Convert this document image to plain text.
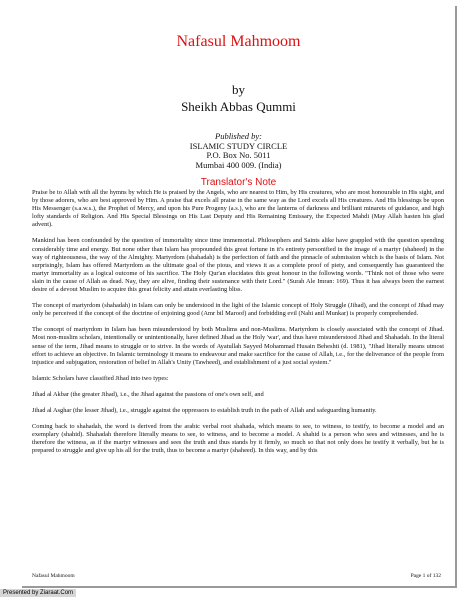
Nafasul Mahmoom
by
Sheikh Abbas Qummi
Published by:
ISLAMIC STUDY CIRCLE
P.O. Box No. 5011
Mumbai 400 009. (India)
Translator's Note

Praise be to Allah with all the hymns by which He is praised by the Angels, who are nearest to Him, by His creatures, who are most honourable in His sight, and by those adorers, who are best approved by Him. A praise that excels all praise in the same way as the Lord excels all His creatures. And His blessings be upon His Messenger (s.a.w.s.), the Prophet of Mercy, and upon his Pure Progeny (a.s.), who are the lanterns of darkness and brilliant minarets of guidance, and high lofty standards of Religion. And His Special Blessings on His Last Deputy and His Remaining Emissary, the Expected Mahdi (May Allah hasten his glad advent).

Mankind has been confounded by the question of immortality since time immemorial. Philosophers and Saints alike have grappled with the question spending considerably time and energy. But none other than Islam has propounded this great fortune in it's entirety personified in the image of a martyr (shaheed) in the way of righteousness, the way of the Almighty. Martyrdom (shahadah) is the perfection of faith and the pinnacle of submission which is the basis of Islam. Not surprisingly, Islam has offered Martyrdom as the ultimate goal of the pious, and views it as a complete proof of piety, and consequently has guaranteed the martyr immortality as a logical outcome of his sacrifice. The Holy Qur'an elucidates this great honour in the following words. "Think not of those who were slain in the cause of Allah as dead. Nay, they are alive, finding their sustenance with their Lord." (Surah Ale Imran: 169). Thus it has always been the earnest desire of a devout Muslim to acquire this great felicity and attain everlasting bliss.

The concept of martyrdom (shahadah) in Islam can only be understood in the light of the Islamic concept of Holy Struggle (Jihad), and the concept of Jihad may only be perceived if the concept of the doctrine of enjoining good (Amr bil Maroof) and forbidding evil (Nahi anil Munkar) is properly comprehended.

The concept of martyrdom in Islam has been misunderstood by both Muslims and non-Muslims. Martyrdom is closely associated with the concept of Jihad. Most non-muslim scholars, intentionally or unintentionally, have defined Jihad as the Holy 'war', and thus have misunderstood Jihad and Shahadah. In the literal sense of the term, Jihad means to struggle or to strive. In the words of Ayatullah Sayyed Mohammad Husain Beheshti (d. 1981), "Jihad literally means utmost effort to achieve an objective. In Islamic terminology it means to endeavour and make sacrifice for the cause of Allah, i.e., for the deliverance of the people from injustice and subjugation, restoration of belief in Allah's Unity (Tawheed), and establishment of a just social system."

Islamic Scholars have classified Jihad into two types:

Jihad al Akbar (the greater Jihad), i.e., the Jihad against the passions of one's own self, and

Jihad al Asghar (the lesser Jihad), i.e., struggle against the oppressors to establish truth in the path of Allah and safeguarding humanity.

Coming back to shahadah, the word is derived from the arabic verbal root shahada, which means to see, to witness, to testify, to become a model and an exemplary (shahid). Shahadah therefore literally means to see, to witness, and to become a model. A shahid is a person who sees and witnesses, and he is therefore the witness, as if the martyr witnesses and sees the truth and thus stands by it firmly, so much so that not only does he testify it verbally, but he is prepared to struggle and give up his all for the truth, thus to become a martyr (shaheed). In this way, and by this

Nafasul Mahmoom	Page 1 of 132
Presented by Ziaraat.Com
